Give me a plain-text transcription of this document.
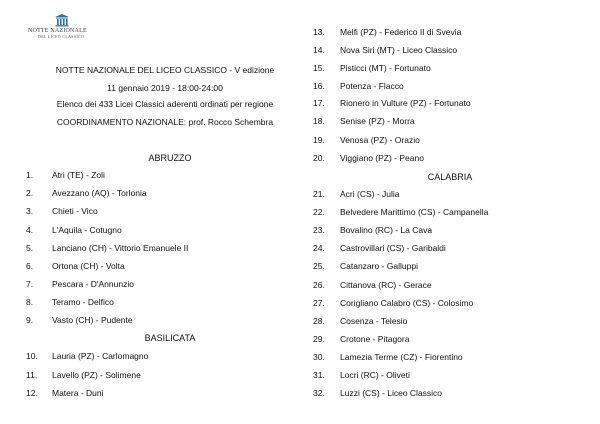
NOTTE NAZIONALE
DEL LICEO CLASSICO
NOTTE NAZIONALE DEL LICEO CLASSICO - V edizione
11 gennaio 2019 - 18:00-24:00
Elenco dei 433 Licei Classici aderenti ordinati per regione
COORDINAMENTO NAZIONALE: prof. Rocco Schembra
ABRUZZO
BASILICATA
CALABRIA
1. Atri (TE) - Zoli
2. Avezzano (AQ) - Torlonia
3. Chieti - Vico
4. L'Aquila - Cotugno
5. Lanciano (CH) - Vittorio Emanuele II
6. Ortona (CH) - Volta
7. Pescara - D'Annunzio
8. Teramo - Delfico
9. Vasto (CH) - Pudente
10. Lauria (PZ) - Carlomagno
11. Lavello (PZ) - Solimene
12. Matera - Duni
13. Melfi (PZ) - Federico II di Svevia
14. Nova Siri (MT) - Liceo Classico
15. Pisticci (MT) - Fortunato
16. Potenza - Flacco
17. Rionero in Vulture (PZ) - Fortunato
18. Senise (PZ) - Morra
19. Venosa (PZ) - Orazio
20. Viggiano (PZ) - Peano
21. Acri (CS) - Julia
22. Belvedere Marittimo (CS) - Campanella
23. Bovalino (RC) - La Cava
24. Castrovillari (CS) - Garibaldi
25. Catanzaro - Galluppi
26. Cittanova (RC) - Gerace
27. Corigliano Calabro (CS) - Colosimo
28. Cosenza - Telesio
29. Crotone - Pitagora
30. Lamezia Terme (CZ) - Fiorentino
31. Locri (RC) - Oliveti
32. Luzzi (CS) - Liceo Classico
